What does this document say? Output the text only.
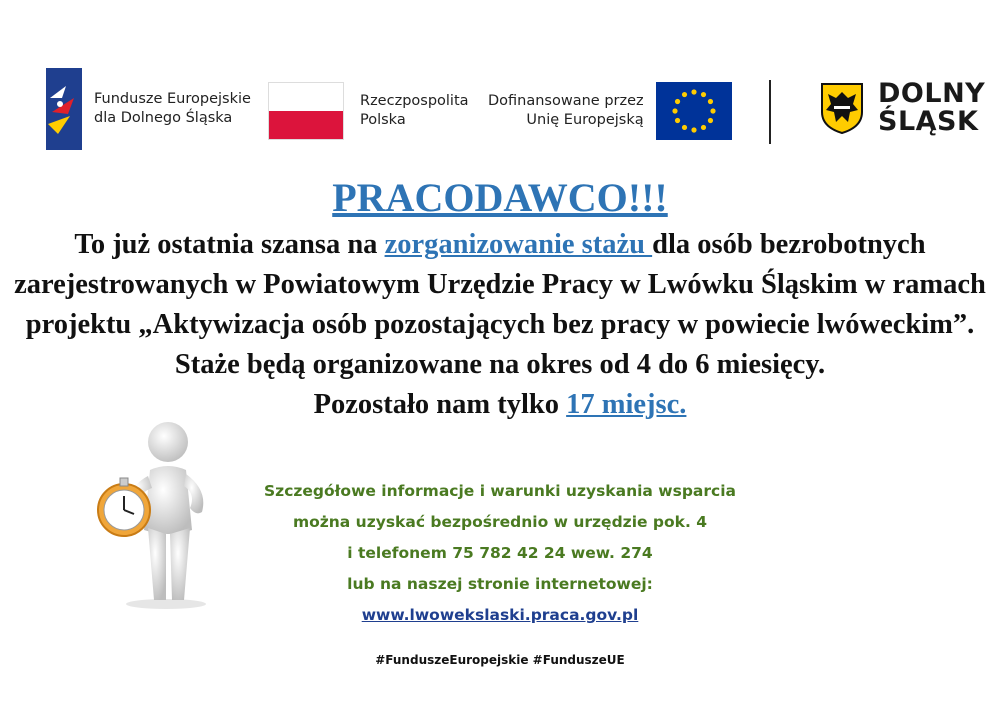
Fundusze Europejskie
dla Dolnego Śląska
Rzeczpospolita
Polska
Dofinansowane przez
Unię Europejską
DOLNY
ŚLĄSK

PRACODAWCO!!!

To już ostatnia szansa na zorganizowanie stażu dla osób bezrobotnych zarejestrowanych w Powiatowym Urzędzie Pracy w Lwówku Śląskim w ramach projektu „Aktywizacja osób pozostających bez pracy w powiecie lwóweckim”. Staże będą organizowane na okres od 4 do 6 miesięcy.

Pozostało nam tylko 17 miejsc.

Szczegółowe informacje i warunki uzyskania wsparcia
można uzyskać bezpośrednio w urzędzie pok. 4
i telefonem 75 782 42 24 wew. 274
lub na naszej stronie internetowej:
www.lwowekslaski.praca.gov.pl
#FunduszeEuropejskie #FunduszeUE
